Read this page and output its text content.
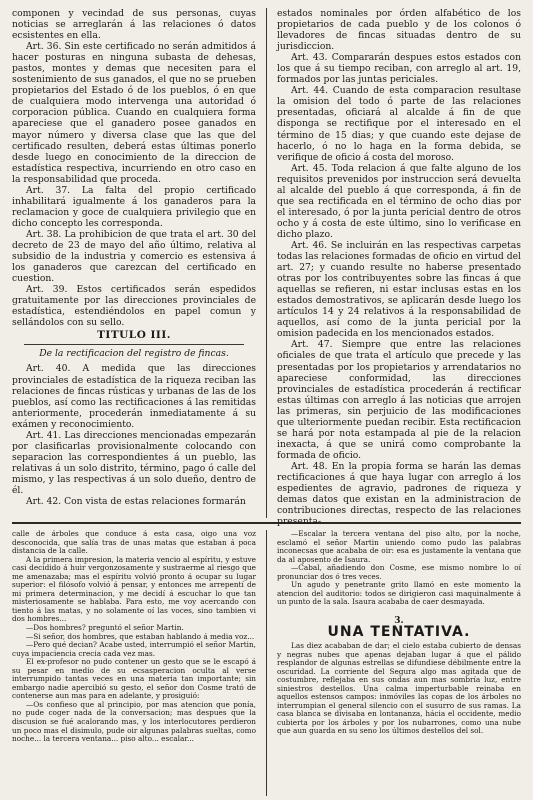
componen y vecindad de sus personas, cuyas noticias se arreglarán á las relaciones ó datos ecsistentes en ella.

Art. 36. Sin este certificado no serán admitidos á hacer posturas en ninguna subasta de dehesas, pastos, montes y demas que necesiten para el sostenimiento de sus ganados, el que no se prueben propietarios del Estado ó de los pueblos, ó en que de cualquiera modo intervenga una autoridad ó corporacion pública. Cuando en cualquiera forma apareciese que el ganadero posee ganados en mayor número y diversa clase que las que del certificado resulten, deberá estas últimas ponerlo desde luego en conocimiento de la direccion de estadística respectiva, incurriendo en otro caso en la responsabilidad que proceda.

Art. 37. La falta del propio certificado inhabilitará igualmente á los ganaderos para la reclamacion y goce de cualquiera privilegio que en dicho concepto les corresponda.

Art. 38. La prohibicion de que trata el art. 30 del decreto de 23 de mayo del año último, relativa al subsidio de la industria y comercio es estensiva á los ganaderos que carezcan del certificado en cuestion.

Art. 39. Estos certificados serán espedidos gratuitamente por las direcciones provinciales de estadística, estendiéndolos en papel comun y sellándolos con su sello.

TITULO III.
De la rectificacion del registro de fincas.

Art. 40. A medida que las direcciones provinciales de estadística de la riqueza reciban las relaciones de fincas rústicas y urbanas de las de los pueblos, así como las rectificaciones á las remitidas anteriormente, procederán inmediatamente á su exámen y reconocimiento.

Art. 41. Las direcciones mencionadas empezarán por clasificarlas provisionalmente colocando con separacion las correspondientes á un pueblo, las relativas á un solo distrito, término, pago ó calle del mismo, y las respectivas á un solo dueño, dentro de él.

Art. 42. Con vista de estas relaciones formarán

estados nominales por órden alfabético de los propietarios de cada pueblo y de los colonos ó llevadores de fincas situadas dentro de su jurisdiccion.

Art. 43. Compararán despues estos estados con los que á su tiempo reciban, con arreglo al art. 19, formados por las juntas periciales.

Art. 44. Cuando de esta comparacion resultase la omision del todo ó parte de las relaciones presentadas, oficiará al alcalde á fin de que disponga se rectifique por el interesado en el término de 15 dias; y que cuando este dejase de hacerlo, ó no lo haga en la forma debida, se verifique de oficio á costa del moroso.

Art. 45. Toda relacion á que falte alguno de los requisitos prevenidos por instruccion será devuelta al alcalde del pueblo á que corresponda, á fin de que sea rectificada en el término de ocho dias por el interesado, ó por la junta pericial dentro de otros ocho y á costa de este último, sino lo verificase en dicho plazo.

Art. 46. Se incluirán en las respectivas carpetas todas las relaciones formadas de oficio en virtud del art. 27; y cuando resulte no haberse presentado otras por los contribuyentes sobre las fincas á que aquellas se refieren, ni estar inclusas estas en los estados demostrativos, se aplicarán desde luego los artículos 14 y 24 relativos á la responsabilidad de aquellos, así como de la junta pericial por la omision padecida en los mencionados estados.

Art. 47. Siempre que entre las relaciones oficiales de que trata el artículo que precede y las presentadas por los propietarios y arrendatarios no apareciese conformidad, las direcciones provinciales de estadística procederán á rectificar estas últimas con arreglo á las noticias que arrojen las primeras, sin perjuicio de las modificaciones que ulteriormente puedan recibir. Esta rectificacion se hará por nota estampada al pie de la relacion inexacta, á que se unirá como comprobante la formada de oficio.

Art. 48. En la propia forma se harán las demas rectificaciones á que haya lugar con arreglo á los espedientes de agravio, padrones de riqueza y demas datos que existan en la administracion de contribuciones directas, respecto de las relaciones presenta-

calle de árboles que conduce á esta casa, oigo una voz desconocida, que salía tras de unas matas que estaban á poca distancia de la calle.

A la primera impresion, la materia vencio al espíritu, y estuve casi decidido á huir vergonzosamente y sustraerme al riesgo que me amenazaba; mas el espíritu volvió pronto á ocupar su lugar superior: el filósofo volvió á pensar, y entonces me arrepentí de mi primera determinacion, y me decidí á escuchar lo que tan misteriosamente se hablaba. Para esto, me voy acercando con tiento á las matas, y no solamente oí las voces, sino tambien vi dos hombres...

—Dos hombres? preguntó el señor Martin.

—Si señor, dos hombres, que estaban hablando á media voz...

—Pero qué decian? Acabe usted, interrumpió el señor Martin, cuya impaciencia crecia cada vez mas.

El ex-profesor no pudo contener un gesto que se le escapó á su pesar en medio de su ecsasperacion oculta al verse interrumpido tantas veces en una materia tan importante; sin embargo nadie apercibió su gesto, el señor don Cosme trató de contenerse aun mas para en adelante, y prosiguió:

—Os confieso que al principio, por mas atencion que ponía, no pude coger nada de la conversacion; mas despues que la discusion se fué acalorando mas, y los interlocutores perdieron un poco mas el disimulo, pude oir algunas palabras sueltas, como noche... la tercera ventana... piso alto... escalar...

—Escalar la tercera ventana del piso alto, por la noche, esclamó el señor Martin uniendo como pudo las palabras inconecsas que acababa de oir: esa es justamente la ventana que da al aposento de Isaura.

—Cabal, añadiendo don Cosme, ese mismo nombre lo oí pronunciar dos ó tres veces.

Un agudo y penetrante grito llamó en este momento la atencion del auditorio: todos se dirigieron casi maquinalmente á un punto de la sala. Isaura acababa de caer desmayada.

3.
UNA TENTATIVA.

Las diez acababan de dar; el cielo estaba cubierto de densas y negras nubes que apenas dejaban lugar á que el pálido resplandor de algunas estrellas se difundiese débilmente entre la oscuridad. La corriente del Segura algo mas agitada que de costumbre, reflejaba en sus ondas aun mas sombría luz, entre siniestros destellos. Una calma imperturbable reinaba en aquellos estensos campos: inmóviles las copas de los árboles no interrumpian el general silencio con el susurro de sus ramas. La casa blanca se divisaba en lontananza, hácia el occidente, medio cubierta por los árboles y por los nubarrones, como una nube que aun guarda en su seno los últimos destellos del sol.
